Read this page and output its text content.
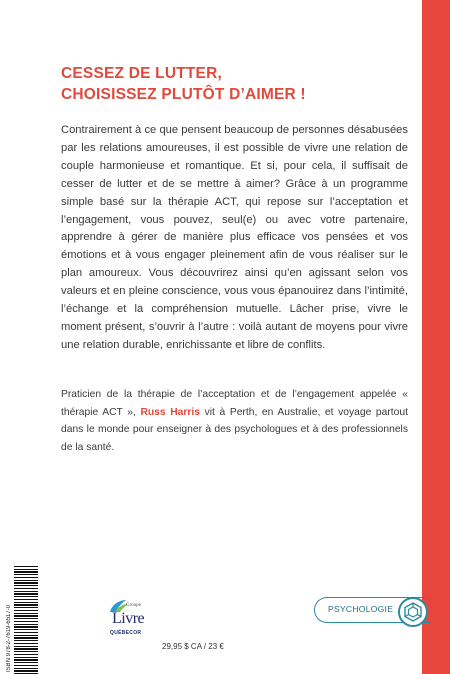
CESSEZ DE LUTTER,
CHOISISSEZ PLUTÔT D’AIMER !
Contrairement à ce que pensent beaucoup de personnes désabusées par les relations amoureuses, il est possible de vivre une relation de couple harmonieuse et romantique. Et si, pour cela, il suffisait de cesser de lutter et de se mettre à aimer? Grâce à un programme simple basé sur la thérapie ACT, qui repose sur l’acceptation et l’engagement, vous pouvez, seul(e) ou avec votre partenaire, apprendre à gérer de manière plus efficace vos pensées et vos émotions et à vous engager pleinement afin de vous réaliser sur le plan amoureux. Vous découvrirez ainsi qu’en agissant selon vos valeurs et en pleine conscience, vous vous épanouirez dans l’intimité, l’échange et la compréhension mutuelle. Lâcher prise, vivre le moment présent, s’ouvrir à l’autre : voilà autant de moyens pour vivre une relation durable, enrichissante et libre de conflits.
Praticien de la thérapie de l’acceptation et de l’engagement appelée « thérapie ACT », Russ Harris vit à Perth, en Australie, et voyage partout dans le monde pour enseigner à des psychologues et à des professionnels de la santé.
ISBN 978-2-7619-6517-0	Groupe
Livre
QUÉBECOR
29,95 $ CA / 23 €
PSYCHOLOGIE
